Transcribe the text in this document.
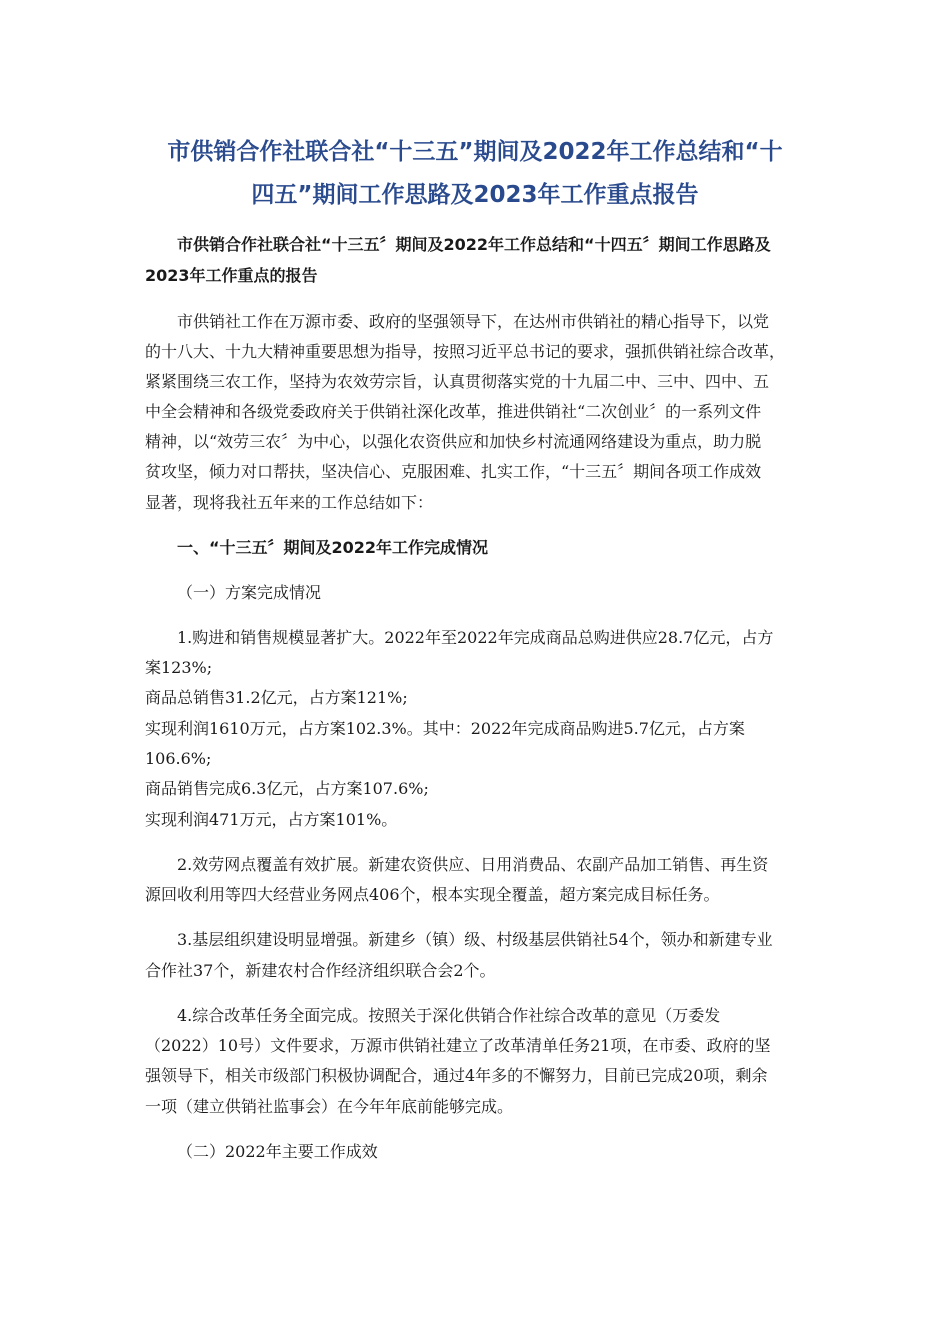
市供销合作社联合社“十三五”期间及2022年工作总结和“十
四五”期间工作思路及2023年工作重点报告
市供销合作社联合社“十三五〞期间及2022年工作总结和“十四五〞期间工作思路及
2023年工作重点的报告
市供销社工作在万源市委、政府的坚强领导下，在达州市供销社的精心指导下，以党
的十八大、十九大精神重要思想为指导，按照习近平总书记的要求，强抓供销社综合改革，
紧紧围绕三农工作，坚持为农效劳宗旨，认真贯彻落实党的十九届二中、三中、四中、五
中全会精神和各级党委政府关于供销社深化改革，推进供销社“二次创业〞的一系列文件
精神，以“效劳三农〞为中心，以强化农资供应和加快乡村流通网络建设为重点，助力脱
贫攻坚，倾力对口帮扶，坚决信心、克服困难、扎实工作，“十三五〞期间各项工作成效
显著，现将我社五年来的工作总结如下：
一、“十三五〞期间及2022年工作完成情况
（一）方案完成情况
1.购进和销售规模显著扩大。2022年至2022年完成商品总购进供应28.7亿元，占方
案123%;
商品总销售31.2亿元，占方案121%;
实现利润1610万元，占方案102.3%。其中：2022年完成商品购进5.7亿元，占方案
106.6%;
商品销售完成6.3亿元，占方案107.6%;
实现利润471万元，占方案101%。
2.效劳网点覆盖有效扩展。新建农资供应、日用消费品、农副产品加工销售、再生资
源回收利用等四大经营业务网点406个，根本实现全覆盖，超方案完成目标任务。
3.基层组织建设明显增强。新建乡（镇）级、村级基层供销社54个，领办和新建专业
合作社37个，新建农村合作经济组织联合会2个。
4.综合改革任务全面完成。按照关于深化供销合作社综合改革的意见（万委发
（2022）10号）文件要求，万源市供销社建立了改革清单任务21项，在市委、政府的坚
强领导下，相关市级部门积极协调配合，通过4年多的不懈努力，目前已完成20项，剩余
一项（建立供销社监事会）在今年年底前能够完成。
（二）2022年主要工作成效
